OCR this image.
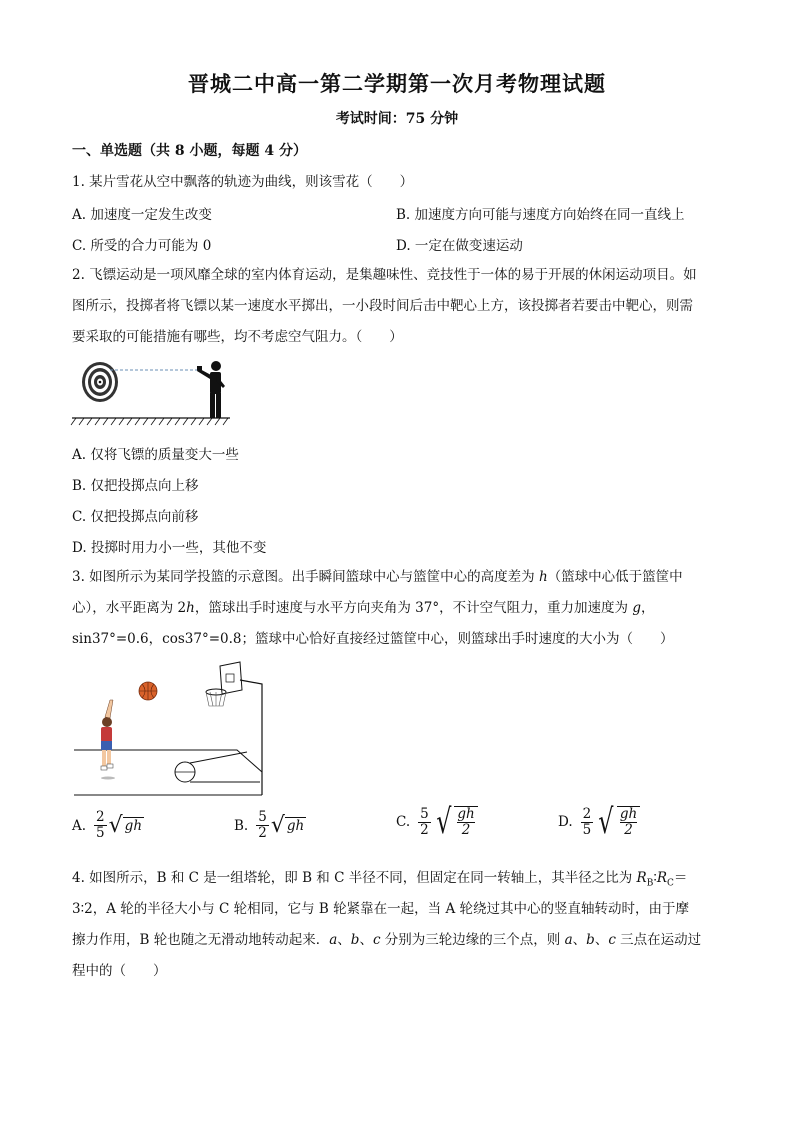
晋城二中高一第二学期第一次月考物理试题
考试时间：75 分钟
一、单选题（共 8 小题，每题 4 分）
1. 某片雪花从空中飘落的轨迹为曲线，则该雪花（　　）
A. 加速度一定发生改变	B. 加速度方向可能与速度方向始终在同一直线上
C. 所受的合力可能为 0	D. 一定在做变速运动
2. 飞镖运动是一项风靡全球的室内体育运动，是集趣味性、竞技性于一体的易于开展的休闲运动项目。如
图所示，投掷者将飞镖以某一速度水平掷出，一小段时间后击中靶心上方，该投掷者若要击中靶心，则需
要采取的可能措施有哪些，均不考虑空气阻力。（　　）
A. 仅将飞镖的质量变大一些
B. 仅把投掷点向上移
C. 仅把投掷点向前移
D. 投掷时用力小一些，其他不变
3. 如图所示为某同学投篮的示意图。出手瞬间篮球中心与篮筐中心的高度差为 h（篮球中心低于篮筐中
心），水平距离为 2h，篮球出手时速度与水平方向夹角为 37°，不计空气阻力，重力加速度为 g，
sin37°=0.6，cos37°=0.8；篮球中心恰好直接经过篮筐中心，则篮球出手时速度的大小为（　　）
A. $\frac{2}{5}$ √ gh	B. $\frac{5}{2}$ √ gh	C. $\frac{5}{2}$ √ gh
2	D. $\frac{2}{5}$ √ gh
2
4. 如图所示，B 和 C 是一组塔轮，即 B 和 C 半径不同，但固定在同一转轴上，其半径之比为 $R_B∶R_C=$
3∶2，A 轮的半径大小与 C 轮相同，它与 B 轮紧靠在一起，当 A 轮绕过其中心的竖直轴转动时，由于摩
擦力作用，B 轮也随之无滑动地转动起来．a、b、c 分别为三轮边缘的三个点，则 a、b、c 三点在运动过
程中的（　　）
